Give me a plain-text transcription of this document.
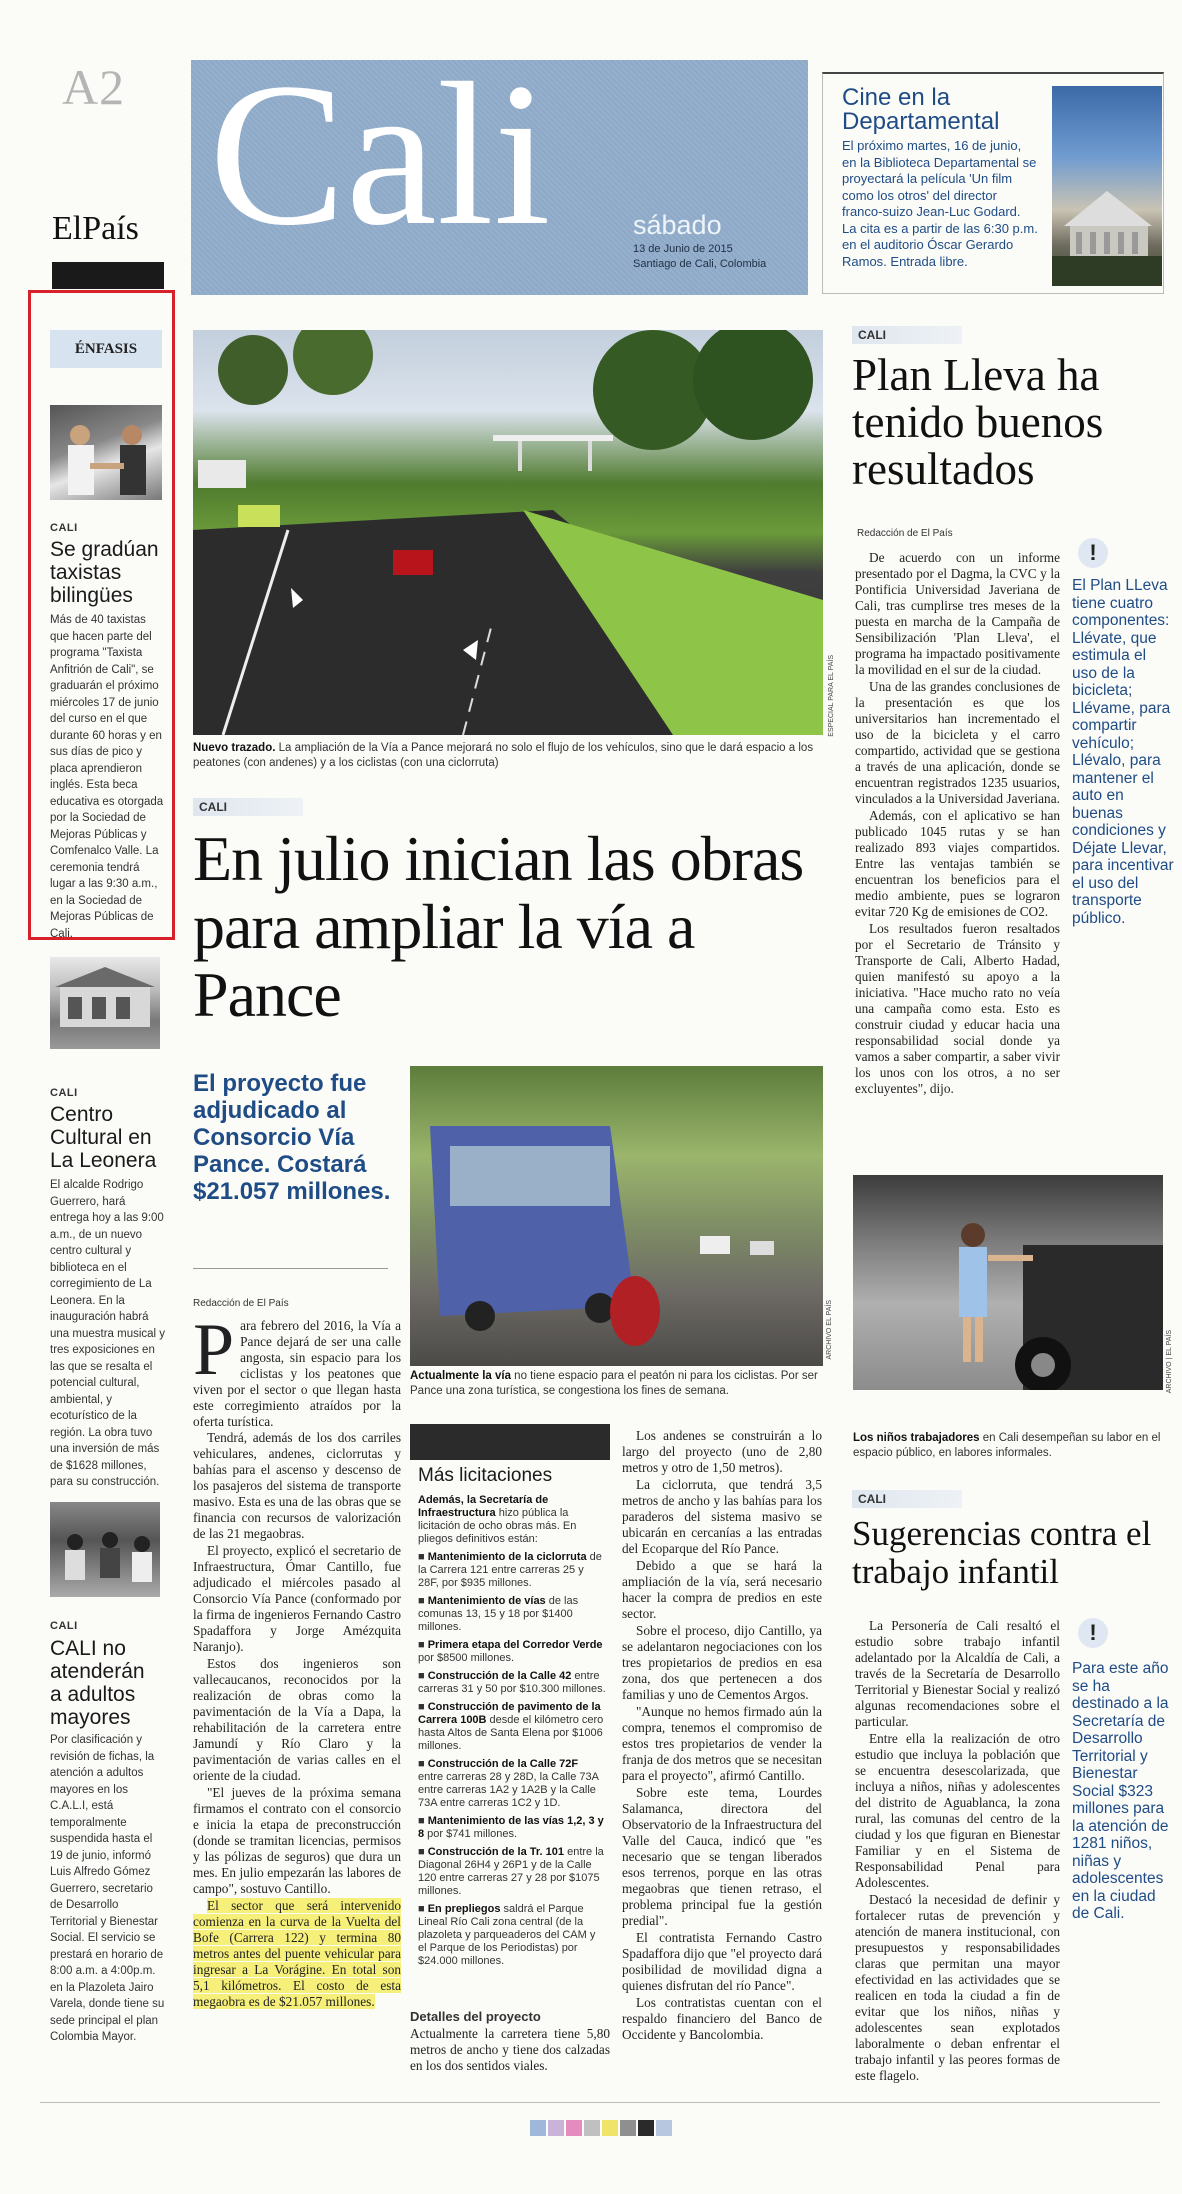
A2
ElPaís Cali	sábado
13 de Junio de 2015
Santiago de Cali, Colombia
Cine en la
Departamental
El próximo martes, 16 de junio, en la Biblioteca Departamental se proyectará la película 'Un film como los otros' del director franco-suizo Jean-Luc Godard. La cita es a partir de las 6:30 p.m. en el auditorio Óscar Gerardo Ramos. Entrada libre.
ÉNFASIS
CALI
Se gradúan taxistas bilingües
Más de 40 taxistas que hacen parte del programa "Taxista Anfitrión de Cali", se graduarán el próximo miércoles 17 de junio del curso en el que durante 60 horas y en sus días de pico y placa aprendieron inglés. Esta beca educativa es otorgada por la Sociedad de Mejoras Públicas y Comfenalco Valle. La ceremonia tendrá lugar a las 9:30 a.m., en la Sociedad de Mejoras Públicas de Cali.
CALI
Centro Cultural en La Leonera
El alcalde Rodrigo Guerrero, hará entrega hoy a las 9:00 a.m., de un nuevo centro cultural y biblioteca en el corregimiento de La Leonera. En la inauguración habrá una muestra musical y tres exposiciones en las que se resalta el potencial cultural, ambiental, y ecoturístico de la región. La obra tuvo una inversión de más de $1628 millones, para su construcción.
CALI
CALI no atenderán a adultos mayores
Por clasificación y revisión de fichas, la atención a adultos mayores en los C.A.L.I, está temporalmente suspendida hasta el 19 de junio, informó Luis Alfredo Gómez Guerrero, secretario de Desarrollo Territorial y Bienestar Social. El servicio se prestará en horario de 8:00 a.m. a 4:00p.m. en la Plazoleta Jairo Varela, donde tiene su sede principal el plan Colombia Mayor.
ESPECIAL PARA EL PAÍS
Nuevo trazado. La ampliación de la Vía a Pance mejorará no solo el flujo de los vehículos, sino que le dará espacio a los peatones (con andenes) y a los ciclistas (con una ciclorruta)
CALI
En julio inician las obras para ampliar la vía a Pance
El proyecto fue adjudicado al Consorcio Vía Pance. Costará $21.057 millones.
Redacción de El País	ARCHIVO EL PAÍS
Actualmente la vía no tiene espacio para el peatón ni para los ciclistas. Por ser Pance una zona turística, se congestiona los fines de semana.
P ara febrero del 2016, la Vía a Pance dejará de ser una calle angosta, sin espacio para los ciclistas y los peatones que viven por el sector o que llegan hasta este corregimiento atraídos por la oferta turística.

Tendrá, además de los dos carriles vehiculares, andenes, ciclorrutas y bahías para el ascenso y descenso de los pasajeros del sistema de transporte masivo. Esta es una de las obras que se financia con recursos de valorización de las 21 megaobras.

El proyecto, explicó el secretario de Infraestructura, Ómar Cantillo, fue adjudicado el miércoles pasado al Consorcio Vía Pance (conformado por la firma de ingenieros Fernando Castro Spadaffora y Jorge Amézquita Naranjo).

Estos dos ingenieros son vallecaucanos, reconocidos por la realización de obras como la pavimentación de la Vía a Dapa, la rehabilitación de la carretera entre Jamundí y Río Claro y la pavimentación de varias calles en el oriente de la ciudad.

"El jueves de la próxima semana firmamos el contrato con el consorcio e inicia la etapa de preconstrucción (donde se tramitan licencias, permisos y las pólizas de seguros) que dura un mes. En julio empezarán las labores de campo", sostuvo Cantillo.

El sector que será intervenido comienza en la curva de la Vuelta del Bofe (Carrera 122) y termina 80 metros antes del puente vehicular para ingresar a La Vorágine. En total son 5,1 kilómetros. El costo de esta megaobra es de $21.057 millones.

Más licitaciones
Además, la Secretaría de Infraestructura hizo pública la licitación de ocho obras más. En pliegos definitivos están:
■ Mantenimiento de la ciclorruta de la Carrera 121 entre carreras 25 y 28F, por $935 millones.
■ Mantenimiento de vías de las comunas 13, 15 y 18 por $1400 millones.
■ Primera etapa del Corredor Verde por $8500 millones.
■ Construcción de la Calle 42 entre carreras 31 y 50 por $10.300 millones.
■ Construcción de pavimento de la Carrera 100B desde el kilómetro cero hasta Altos de Santa Elena por $1006 millones.
■ Construcción de la Calle 72F entre carreras 28 y 28D, la Calle 73A entre carreras 1A2 y 1A2B y la Calle 73A entre carreras 1C2 y 1D.
■ Mantenimiento de las vías 1,2, 3 y 8 por $741 millones.
■ Construcción de la Tr. 101 entre la Diagonal 26H4 y 26P1 y de la Calle 120 entre carreras 27 y 28 por $1075 millones.
■ En prepliegos saldrá el Parque Lineal Río Cali zona central (de la plazoleta y parqueaderos del CAM y el Parque de los Periodistas) por $24.000 millones.
Detalles del proyecto
Actualmente la carretera tiene 5,80 metros de ancho y tiene dos calzadas en los dos sentidos viales.

Los andenes se construirán a lo largo del proyecto (uno de 2,80 metros y otro de 1,50 metros).

La ciclorruta, que tendrá 3,5 metros de ancho y las bahías para los paraderos del sistema masivo se ubicarán en cercanías a las entradas del Ecoparque del Río Pance.

Debido a que se hará la ampliación de la vía, será necesario hacer la compra de predios en este sector.

Sobre el proceso, dijo Cantillo, ya se adelantaron negociaciones con los tres propietarios de predios en esa zona, dos que pertenecen a dos familias y uno de Cementos Argos.

"Aunque no hemos firmado aún la compra, tenemos el compromiso de estos tres propietarios de vender la franja de dos metros que se necesitan para el proyecto", afirmó Cantillo.

Sobre este tema, Lourdes Salamanca, directora del Observatorio de la Infraestructura del Valle del Cauca, indicó que "es necesario que se tengan liberados esos terrenos, porque en las otras megaobras que tienen retraso, el problema principal fue la gestión predial".

El contratista Fernando Castro Spadaffora dijo que "el proyecto dará posibilidad de movilidad digna a quienes disfrutan del río Pance".

Los contratistas cuentan con el respaldo financiero del Banco de Occidente y Bancolombia.

CALI
Plan Lleva ha tenido buenos resultados
Redacción de El País

De acuerdo con un informe presentado por el Dagma, la CVC y la Pontificia Universidad Javeriana de Cali, tras cumplirse tres meses de la puesta en marcha de la Campaña de Sensibilización 'Plan Lleva', el programa ha impactado positivamente la movilidad en el sur de la ciudad.

Una de las grandes conclusiones de la presentación es que los universitarios han incrementado el uso de la bicicleta y el carro compartido, actividad que se gestiona a través de una aplicación, donde se encuentran registrados 1235 usuarios, vinculados a la Universidad Javeriana.

Además, con el aplicativo se han publicado 1045 rutas y se han realizado 893 viajes compartidos. Entre las ventajas también se encuentran los beneficios para el medio ambiente, pues se lograron evitar 720 Kg de emisiones de CO2.

Los resultados fueron resaltados por el Secretario de Tránsito y Transporte de Cali, Alberto Hadad, quien manifestó su apoyo a la iniciativa. "Hace mucho rato no veía una campaña como esta. Esto es construir ciudad y educar hacia una responsabilidad social donde ya vamos a saber compartir, a saber vivir los unos con los otros, a no ser excluyentes", dijo.

!
El Plan LLeva tiene cuatro componentes: Llévate, que estimula el uso de la bicicleta; Llévame, para compartir vehículo; Llévalo, para mantener el auto en buenas condiciones y Déjate Llevar, para incentivar el uso del transporte público.
ARCHIVO | EL PAÍS
Los niños trabajadores en Cali desempeñan su labor en el espacio público, en labores informales.
CALI
Sugerencias contra el trabajo infantil

La Personería de Cali resaltó el estudio sobre trabajo infantil adelantado por la Alcaldía de Cali, a través de la Secretaría de Desarrollo Territorial y Bienestar Social y realizó algunas recomendaciones sobre el particular.

Entre ella la realización de otro estudio que incluya la población que se encuentra desescolarizada, que incluya a niños, niñas y adolescentes del distrito de Aguablanca, la zona rural, las comunas del centro de la ciudad y los que figuran en Bienestar Familiar y en el Sistema de Responsabilidad Penal para Adolescentes.

Destacó la necesidad de definir y fortalecer rutas de prevención y atención de manera institucional, con presupuestos y responsabilidades claras que permitan una mayor efectividad en las actividades que se realicen en toda la ciudad a fin de evitar que los niños, niñas y adolescentes sean explotados laboralmente o deban enfrentar el trabajo infantil y las peores formas de este flagelo.

!
Para este año se ha destinado a la Secretaría de Desarrollo Territorial y Bienestar Social $323 millones para la atención de 1281 niños, niñas y adolescentes en la ciudad de Cali.
